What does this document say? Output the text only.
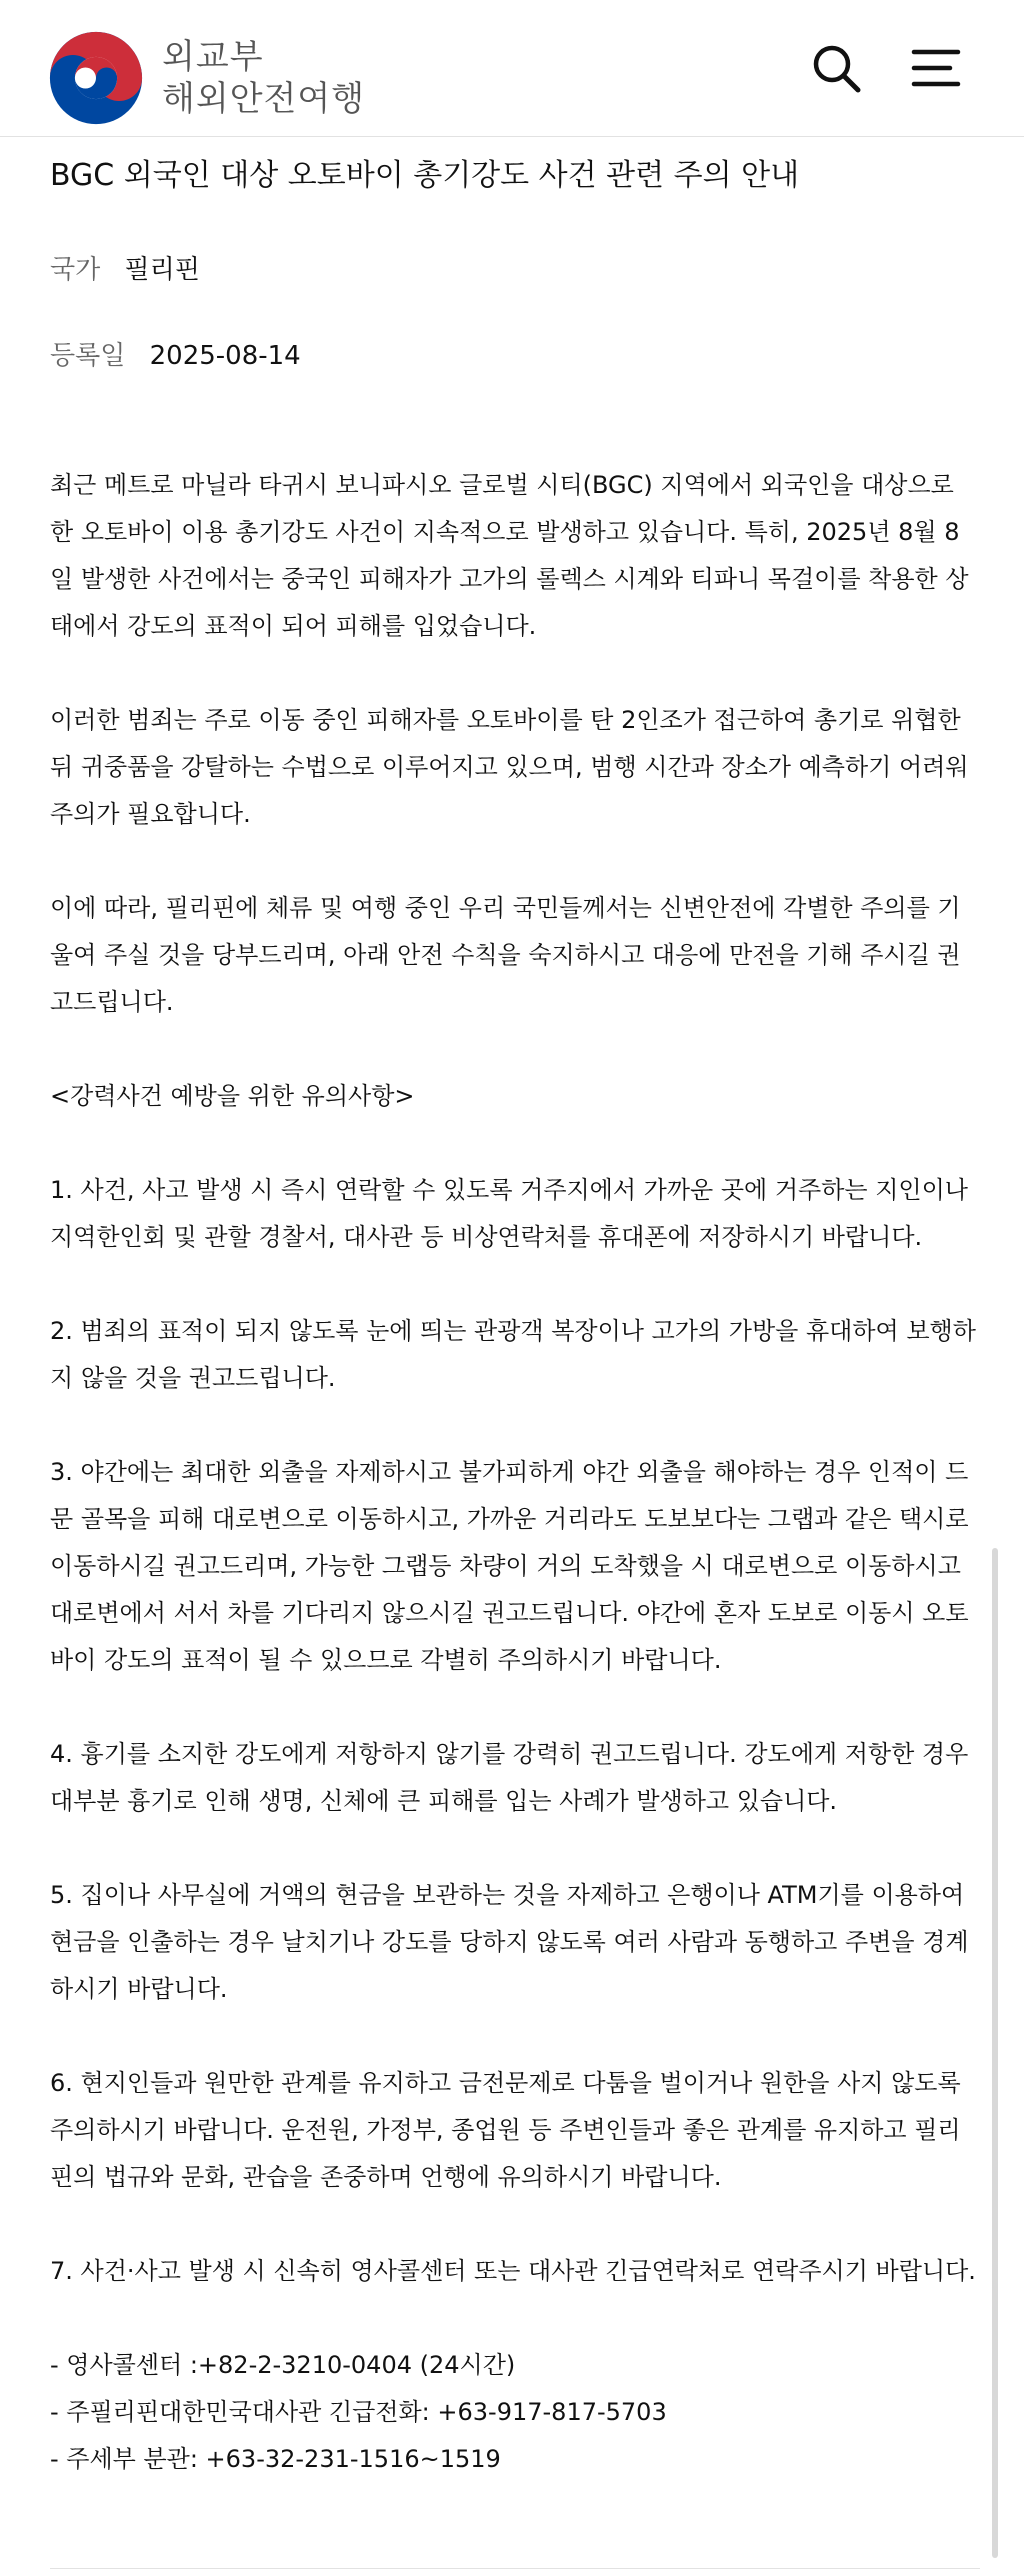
외교부
해외안전여행
BGC 외국인 대상 오토바이 총기강도 사건 관련 주의 안내
국가 필리핀
등록일 2025-08-14

최근 메트로 마닐라 타귀시 보니파시오 글로벌 시티(BGC) 지역에서 외국인을 대상으로 한 오토바이 이용 총기강도 사건이 지속적으로 발생하고 있습니다. 특히, 2025년 8월 8일 발생한 사건에서는 중국인 피해자가 고가의 롤렉스 시계와 티파니 목걸이를 착용한 상태에서 강도의 표적이 되어 피해를 입었습니다.

이러한 범죄는 주로 이동 중인 피해자를 오토바이를 탄 2인조가 접근하여 총기로 위협한 뒤 귀중품을 강탈하는 수법으로 이루어지고 있으며, 범행 시간과 장소가 예측하기 어려워 주의가 필요합니다.

이에 따라, 필리핀에 체류 및 여행 중인 우리 국민들께서는 신변안전에 각별한 주의를 기울여 주실 것을 당부드리며, 아래 안전 수칙을 숙지하시고 대응에 만전을 기해 주시길 권고드립니다.

<강력사건 예방을 위한 유의사항>

1. 사건, 사고 발생 시 즉시 연락할 수 있도록 거주지에서 가까운 곳에 거주하는 지인이나 지역한인회 및 관할 경찰서, 대사관 등 비상연락처를 휴대폰에 저장하시기 바랍니다.

2. 범죄의 표적이 되지 않도록 눈에 띄는 관광객 복장이나 고가의 가방을 휴대하여 보행하지 않을 것을 권고드립니다.

3. 야간에는 최대한 외출을 자제하시고 불가피하게 야간 외출을 해야하는 경우 인적이 드문 골목을 피해 대로변으로 이동하시고, 가까운 거리라도 도보보다는 그랩과 같은 택시로 이동하시길 권고드리며, 가능한 그랩등 차량이 거의 도착했을 시 대로변으로 이동하시고 대로변에서 서서 차를 기다리지 않으시길 권고드립니다. 야간에 혼자 도보로 이동시 오토바이 강도의 표적이 될 수 있으므로 각별히 주의하시기 바랍니다.

4. 흉기를 소지한 강도에게 저항하지 않기를 강력히 권고드립니다. 강도에게 저항한 경우 대부분 흉기로 인해 생명, 신체에 큰 피해를 입는 사례가 발생하고 있습니다.

5. 집이나 사무실에 거액의 현금을 보관하는 것을 자제하고 은행이나 ATM기를 이용하여 현금을 인출하는 경우 날치기나 강도를 당하지 않도록 여러 사람과 동행하고 주변을 경계하시기 바랍니다.

6. 현지인들과 원만한 관계를 유지하고 금전문제로 다툼을 벌이거나 원한을 사지 않도록 주의하시기 바랍니다. 운전원, 가정부, 종업원 등 주변인들과 좋은 관계를 유지하고 필리핀의 법규와 문화, 관습을 존중하며 언행에 유의하시기 바랍니다.

7. 사건·사고 발생 시 신속히 영사콜센터 또는 대사관 긴급연락처로 연락주시기 바랍니다.

- 영사콜센터 :+82-2-3210-0404 (24시간)

- 주필리핀대한민국대사관 긴급전화: +63-917-817-5703

- 주세부 분관: +63-32-231-1516~1519
